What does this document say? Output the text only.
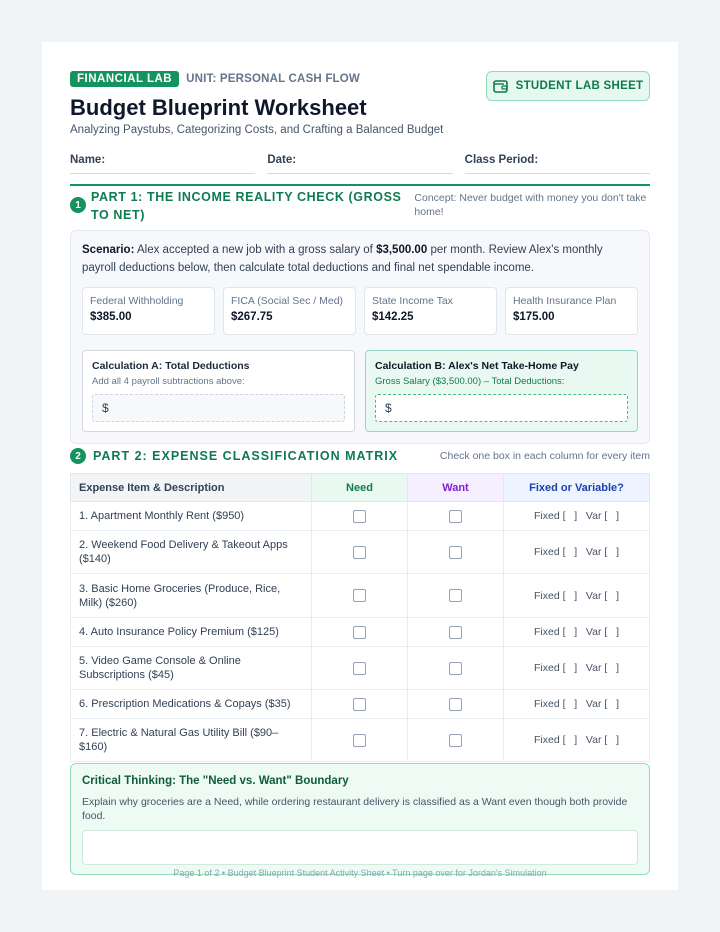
FINANCIAL LAB	UNIT: PERSONAL CASH FLOW
STUDENT LAB SHEET
Budget Blueprint Worksheet
Analyzing Paystubs, Categorizing Costs, and Crafting a Balanced Budget
Name:	Date:	Class Period:
1
PART 1: THE INCOME REALITY CHECK (GROSS TO NET)
Concept: Never budget with money you don't take home!
Scenario: Alex accepted a new job with a gross salary of $3,500.00 per month. Review Alex's monthly payroll deductions below, then calculate total deductions and final net spendable income.
Federal Withholding
$385.00
FICA (Social Sec / Med)
$267.75
State Income Tax
$142.25
Health Insurance Plan
$175.00
Calculation A: Total Deductions
Add all 4 payroll subtractions above:
$
Calculation B: Alex's Net Take-Home Pay
Gross Salary ($3,500.00) – Total Deductions:
$
2 PART 2: EXPENSE CLASSIFICATION MATRIX	Check one box in each column for every item
Expense Item & Description	Need	Want	Fixed or Variable?
1. Apartment Monthly Rent ($950)			Fixed [   ]   Var [   ]
2. Weekend Food Delivery & Takeout Apps ($140)			Fixed [   ]   Var [   ]
3. Basic Home Groceries (Produce, Rice, Milk) ($260)			Fixed [   ]   Var [   ]
4. Auto Insurance Policy Premium ($125)			Fixed [   ]   Var [   ]
5. Video Game Console & Online Subscriptions ($45)			Fixed [   ]   Var [   ]
6. Prescription Medications & Copays ($35)			Fixed [   ]   Var [   ]
7. Electric & Natural Gas Utility Bill ($90–$160)			Fixed [   ]   Var [   ]
Critical Thinking: The "Need vs. Want" Boundary
Explain why groceries are a Need, while ordering restaurant delivery is classified as a Want even though both provide food.
Page 1 of 2 • Budget Blueprint Student Activity Sheet • Turn page over for Jordan's Simulation
